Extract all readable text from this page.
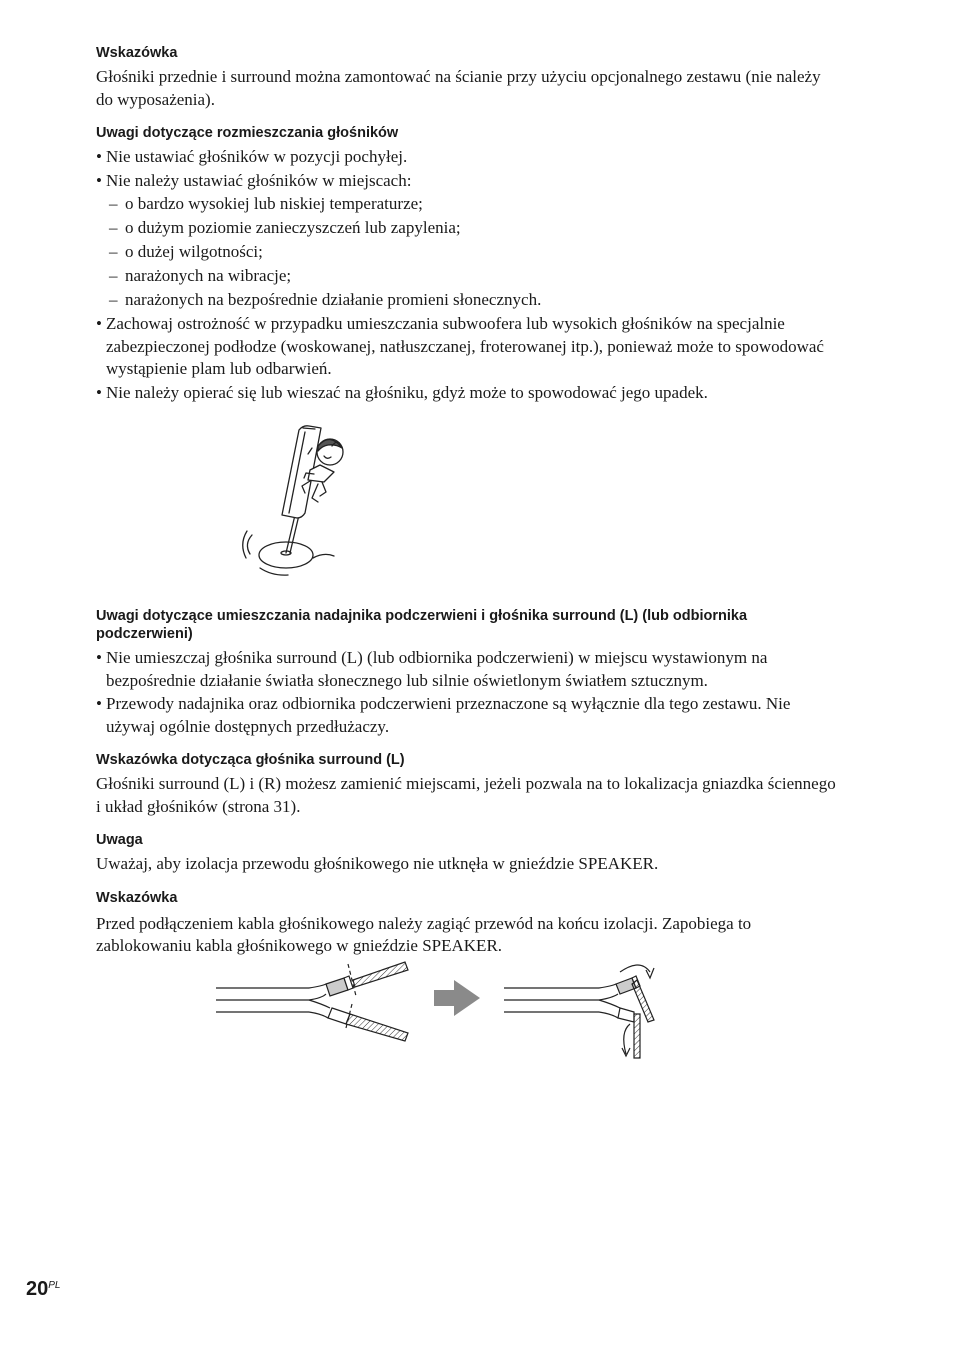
Wskazówka

Głośniki przednie i surround można zamontować na ścianie przy użyciu opcjonalnego zestawu (nie należy
do wyposażenia).

Uwagi dotyczące rozmieszczania głośników

• Nie ustawiać głośników w pozycji pochyłej.

• Nie należy ustawiać głośników w miejscach:

– o bardzo wysokiej lub niskiej temperaturze;

– o dużym poziomie zanieczyszczeń lub zapylenia;

– o dużej wilgotności;

– narażonych na wibracje;

– narażonych na bezpośrednie działanie promieni słonecznych.

• Zachowaj ostrożność w przypadku umieszczania subwoofera lub wysokich głośników na specjalnie
zabezpieczonej podłodze (woskowanej, natłuszczanej, froterowanej itp.), ponieważ może to spowodować
wystąpienie plam lub odbarwień.

• Nie należy opierać się lub wieszać na głośniku, gdyż może to spowodować jego upadek.

Uwagi dotyczące umieszczania nadajnika podczerwieni i głośnika surround (L) (lub odbiornika
podczerwieni)

• Nie umieszczaj głośnika surround (L) (lub odbiornika podczerwieni) w miejscu wystawionym na
bezpośrednie działanie światła słonecznego lub silnie oświetlonym światłem sztucznym.

• Przewody nadajnika oraz odbiornika podczerwieni przeznaczone są wyłącznie dla tego zestawu. Nie
używaj ogólnie dostępnych przedłużaczy.

Wskazówka dotycząca głośnika surround (L)

Głośniki surround (L) i (R) możesz zamienić miejscami, jeżeli pozwala na to lokalizacja gniazdka ściennego
i układ głośników (strona 31).

Uwaga

Uważaj, aby izolacja przewodu głośnikowego nie utknęła w gnieździe SPEAKER.

Wskazówka

Przed podłączeniem kabla głośnikowego należy zagiąć przewód na końcu izolacji. Zapobiega to
zablokowaniu kabla głośnikowego w gnieździe SPEAKER.

$20^{PL}$
